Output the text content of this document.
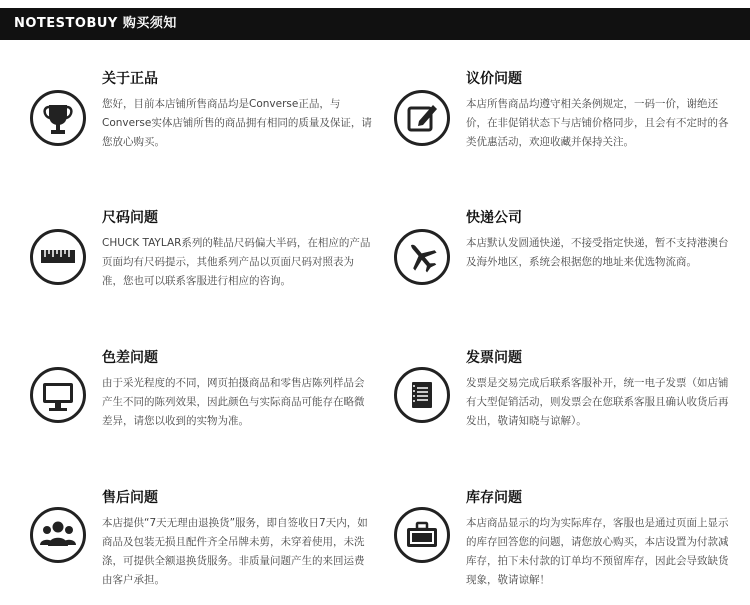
NOTESTOBUY 购买须知
关于正品
您好，目前本店铺所售商品均是Converse正品，与Converse实体店铺所售的商品拥有相同的质量及保证，请您放心购买。
尺码问题
CHUCK TAYLAR系列的鞋品尺码偏大半码，在相应的产品页面均有尺码提示，其他系列产品以页面尺码对照表为准，您也可以联系客服进行相应的咨询。
色差问题
由于采光程度的不同，网页拍摄商品和零售店陈列样品会产生不同的陈列效果，因此颜色与实际商品可能存在略微差异，请您以收到的实物为准。
售后问题
本店提供“7天无理由退换货”服务，即自签收日7天内，如商品及包装无损且配件齐全吊牌未剪，未穿着使用，未洗涤，可提供全额退换货服务。非质量问题产生的来回运费由客户承担。
议价问题
本店所售商品均遵守相关条例规定，一码一价，谢绝还价，在非促销状态下与店铺价格同步，且会有不定时的各类优惠活动，欢迎收藏并保持关注。
快递公司
本店默认发圆通快递，不接受指定快递，暂不支持港澳台及海外地区，系统会根据您的地址来优选物流商。
发票问题
发票是交易完成后联系客服补开，统一电子发票（如店铺有大型促销活动，则发票会在您联系客服且确认收货后再发出，敬请知晓与谅解）。
库存问题
本店商品显示的均为实际库存，客服也是通过页面上显示的库存回答您的问题，请您放心购买，本店设置为付款减库存，拍下未付款的订单均不预留库存，因此会导致缺货现象，敬请谅解！
